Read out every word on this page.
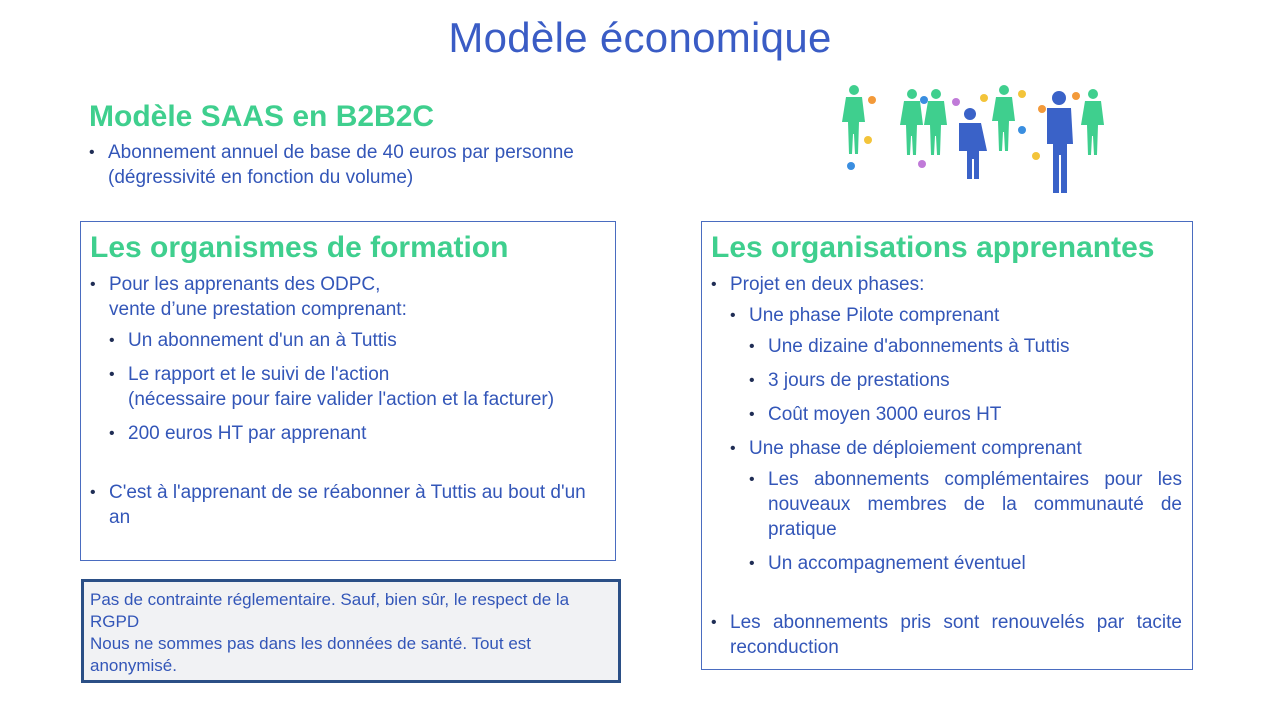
Modèle économique
Modèle SAAS en B2B2C
• Abonnement annuel de base de 40 euros par personne
(dégressivité en fonction du volume)
Les organismes de formation
• Pour les apprenants des ODPC,
vente d’une prestation comprenant:
• Un abonnement d'un an à Tuttis
• Le rapport et le suivi de l'action
(nécessaire pour faire valider l'action et la facturer)
• 200 euros HT par apprenant
• C'est à l'apprenant de se réabonner à Tuttis au bout d'un an
Pas de contrainte réglementaire. Sauf, bien sûr, le respect de la RGPD
Nous ne sommes pas dans les données de santé. Tout est anonymisé.
Les organisations apprenantes
• Projet en deux phases:
• Une phase Pilote comprenant
• Une dizaine d'abonnements à Tuttis
• 3 jours de prestations
• Coût moyen 3000 euros HT
• Une phase de déploiement comprenant
• Les abonnements complémentaires pour les nouveaux membres de la communauté de pratique
• Un accompagnement éventuel
• Les abonnements pris sont renouvelés par tacite reconduction
